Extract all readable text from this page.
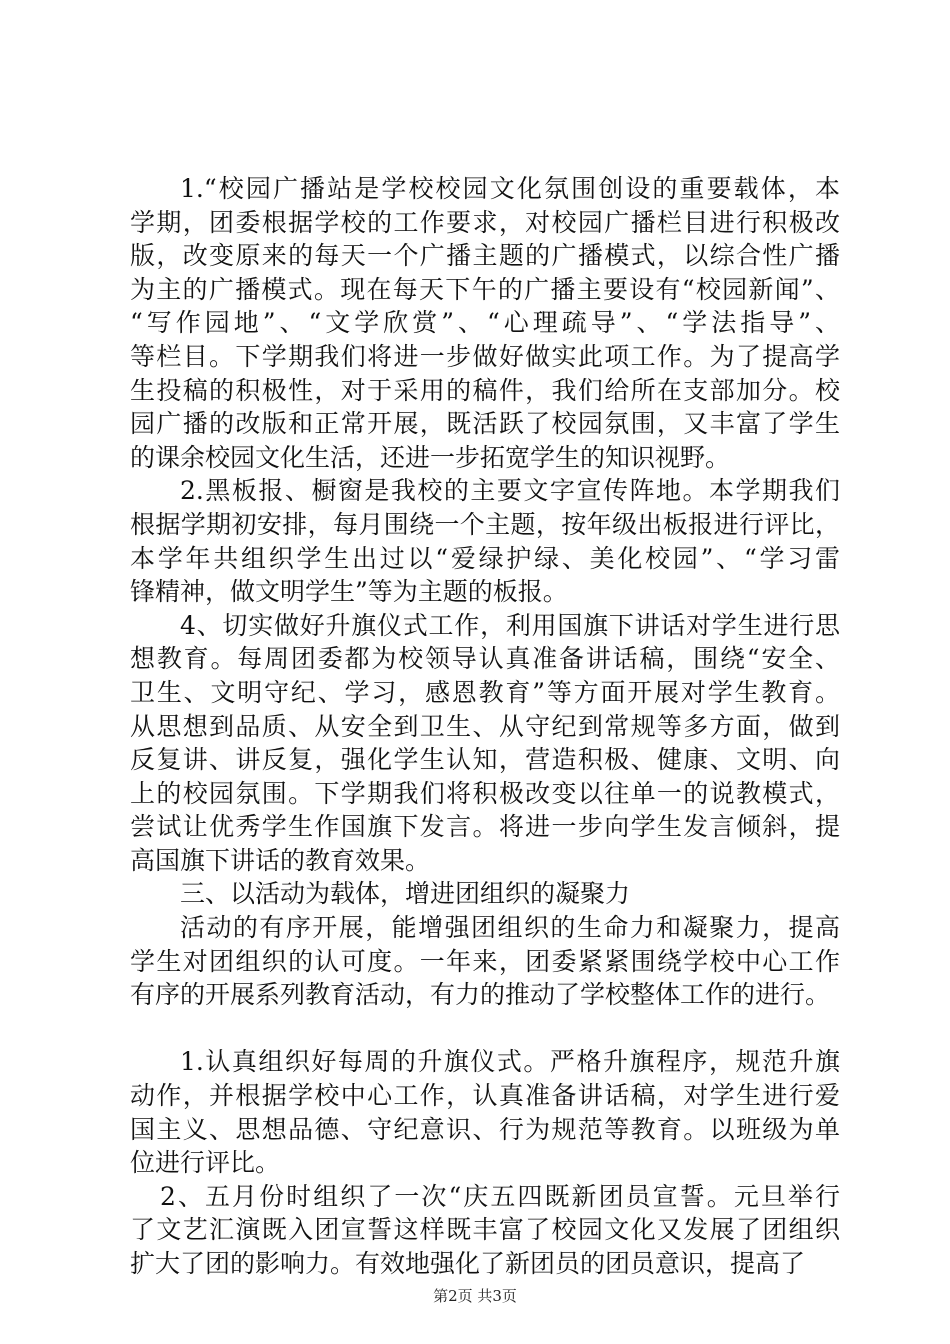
1.“校园广播站是学校校园文化氛围创设的重要载体，本
学期，团委根据学校的工作要求，对校园广播栏目进行积极改
版，改变原来的每天一个广播主题的广播模式，以综合性广播
为主的广播模式。现在每天下午的广播主要设有“校园新闻”、
“写作园地”、“文学欣赏”、“心理疏导”、“学法指导”、
等栏目。下学期我们将进一步做好做实此项工作。为了提高学
生投稿的积极性，对于采用的稿件，我们给所在支部加分。校
园广播的改版和正常开展，既活跃了校园氛围，又丰富了学生
的课余校园文化生活，还进一步拓宽学生的知识视野。
2.黑板报、橱窗是我校的主要文字宣传阵地。本学期我们
根据学期初安排，每月围绕一个主题，按年级出板报进行评比，
本学年共组织学生出过以“爱绿护绿、美化校园”、“学习雷
锋精神，做文明学生”等为主题的板报。
4、切实做好升旗仪式工作，利用国旗下讲话对学生进行思
想教育。每周团委都为校领导认真准备讲话稿，围绕“安全、
卫生、文明守纪、学习，感恩教育”等方面开展对学生教育。
从思想到品质、从安全到卫生、从守纪到常规等多方面，做到
反复讲、讲反复，强化学生认知，营造积极、健康、文明、向
上的校园氛围。下学期我们将积极改变以往单一的说教模式，
尝试让优秀学生作国旗下发言。将进一步向学生发言倾斜，提
高国旗下讲话的教育效果。
三、以活动为载体，增进团组织的凝聚力
活动的有序开展，能增强团组织的生命力和凝聚力，提高
学生对团组织的认可度。一年来，团委紧紧围绕学校中心工作
有序的开展系列教育活动，有力的推动了学校整体工作的进行。
1.认真组织好每周的升旗仪式。严格升旗程序，规范升旗
动作，并根据学校中心工作，认真准备讲话稿，对学生进行爱
国主义、思想品德、守纪意识、行为规范等教育。以班级为单
位进行评比。
2、五月份时组织了一次“庆五四既新团员宣誓。元旦举行
了文艺汇演既入团宣誓这样既丰富了校园文化又发展了团组织
扩大了团的影响力。有效地强化了新团员的团员意识，提高了
第2页 共3页
